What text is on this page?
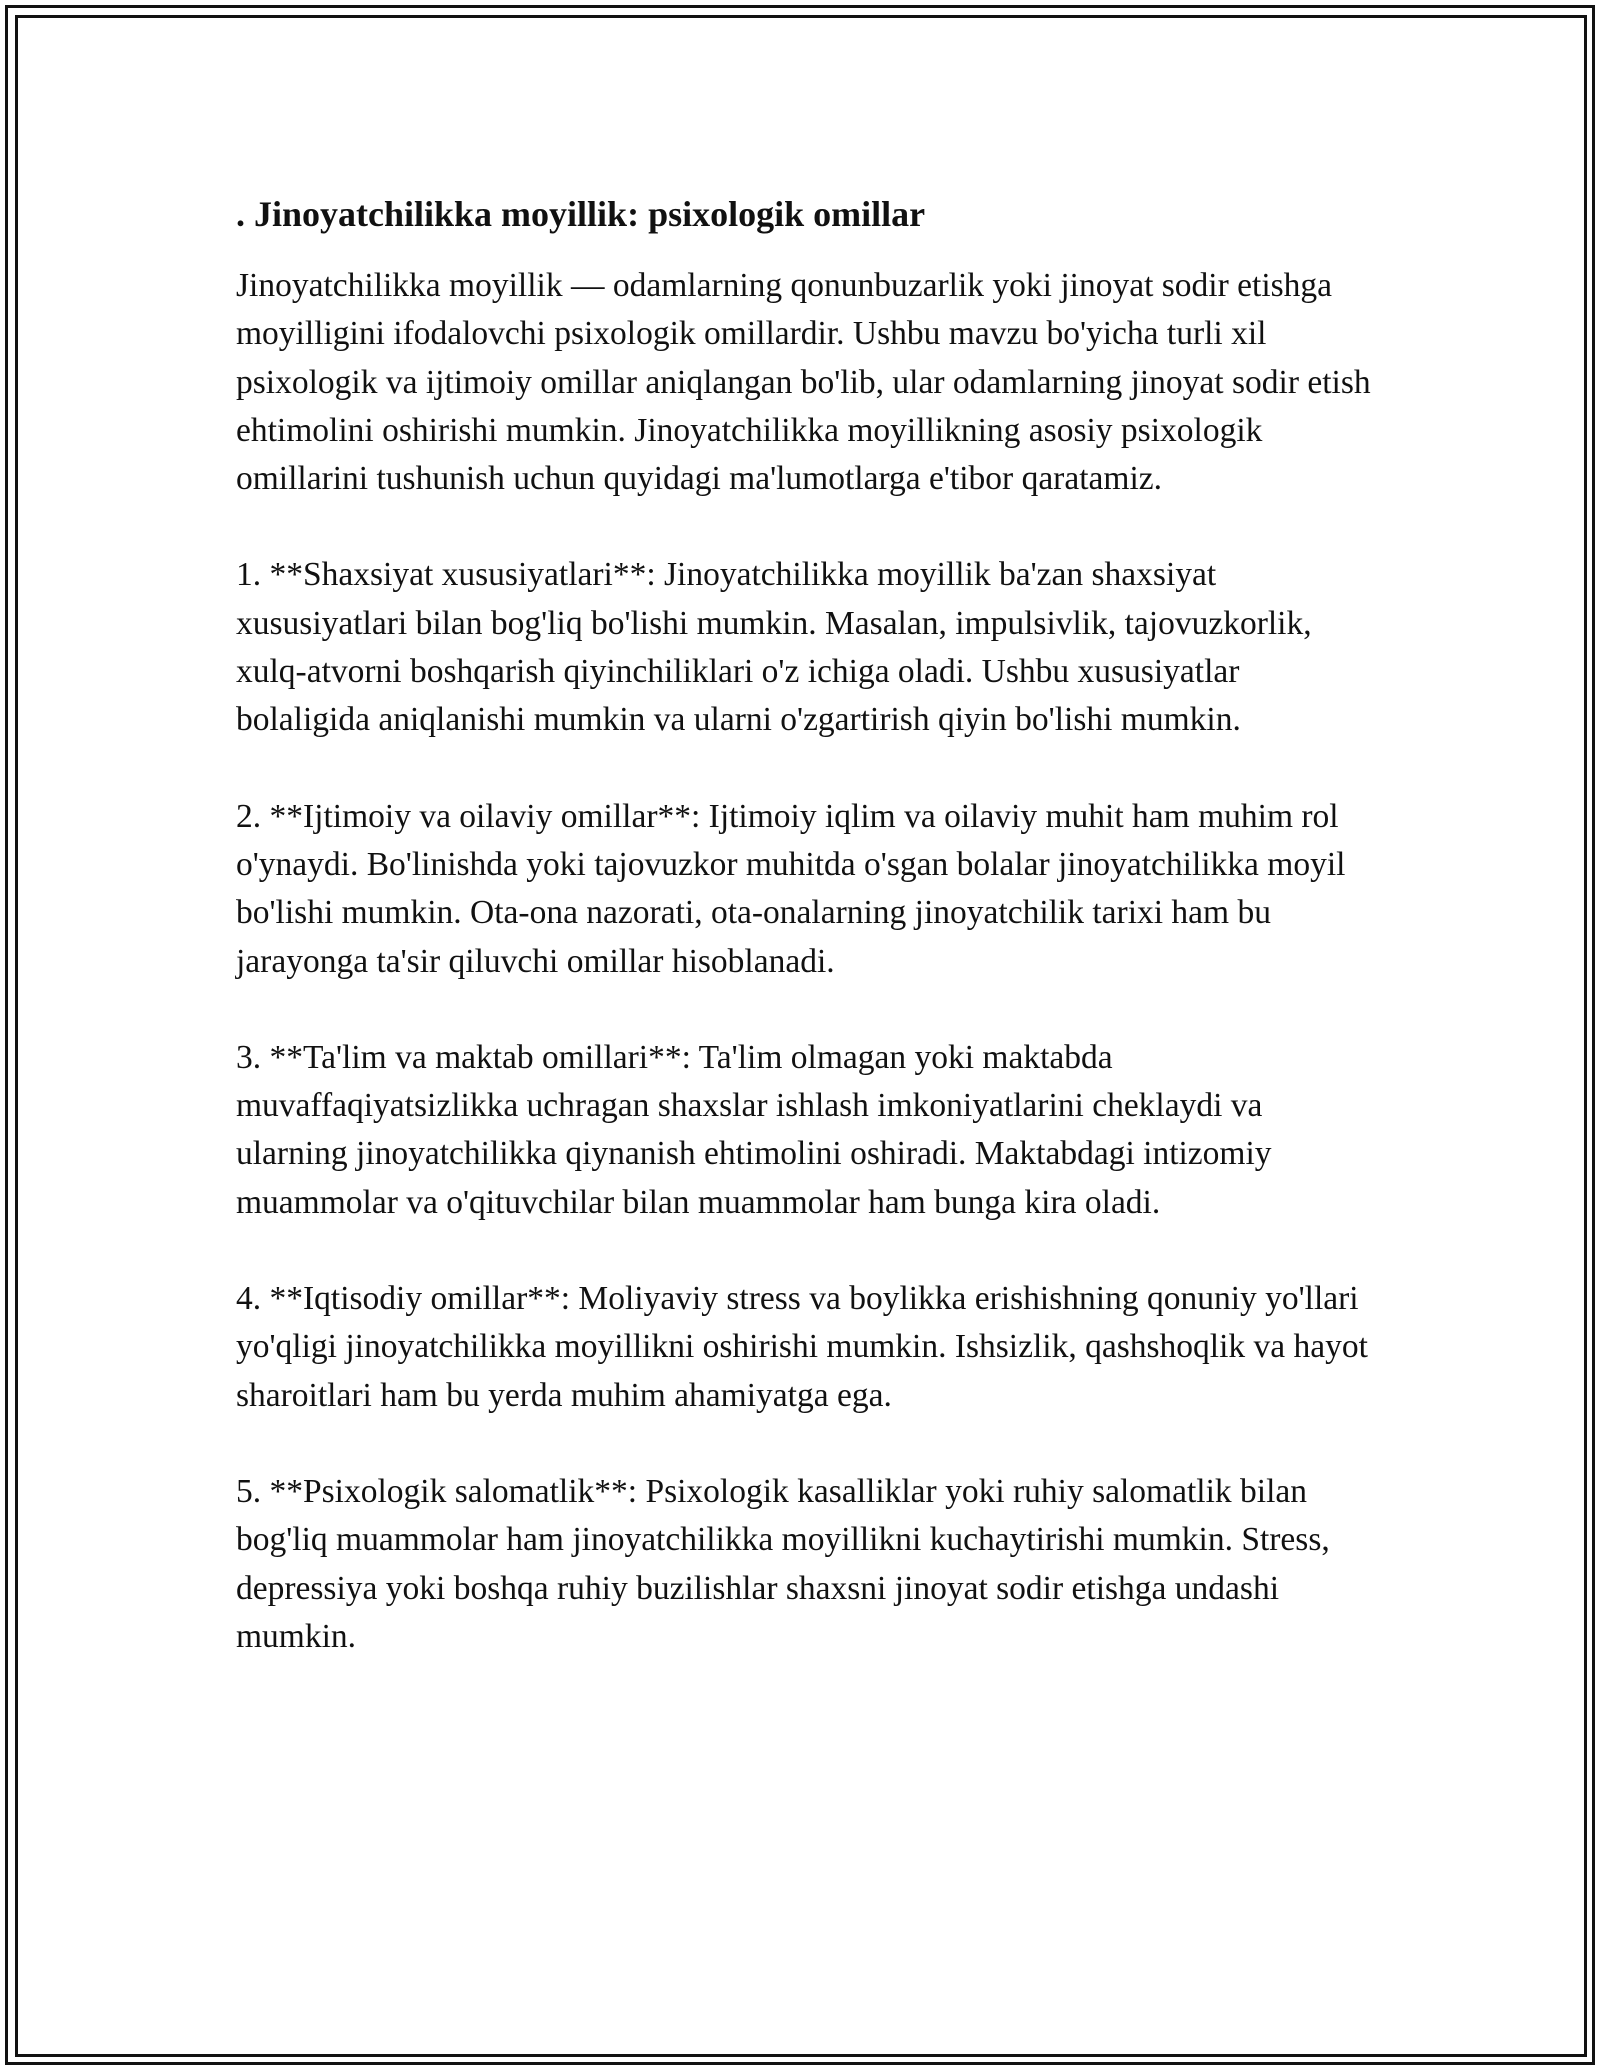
. Jinoyatchilikka moyillik: psixologik omillar

Jinoyatchilikka moyillik — odamlarning qonunbuzarlik yoki jinoyat sodir etishga moyilligini ifodalovchi psixologik omillardir. Ushbu mavzu bo'yicha turli xil psixologik va ijtimoiy omillar aniqlangan bo'lib, ular odamlarning jinoyat sodir etish ehtimolini oshirishi mumkin. Jinoyatchilikka moyillikning asosiy psixologik omillarini tushunish uchun quyidagi ma'lumotlarga e'tibor qaratamiz.

1. **Shaxsiyat xususiyatlari**: Jinoyatchilikka moyillik ba'zan shaxsiyat xususiyatlari bilan bog'liq bo'lishi mumkin. Masalan, impulsivlik, tajovuzkorlik, xulq-atvorni boshqarish qiyinchiliklari o'z ichiga oladi. Ushbu xususiyatlar bolaligida aniqlanishi mumkin va ularni o'zgartirish qiyin bo'lishi mumkin.

2. **Ijtimoiy va oilaviy omillar**: Ijtimoiy iqlim va oilaviy muhit ham muhim rol o'ynaydi. Bo'linishda yoki tajovuzkor muhitda o'sgan bolalar jinoyatchilikka moyil bo'lishi mumkin. Ota-ona nazorati, ota-onalarning jinoyatchilik tarixi ham bu jarayonga ta'sir qiluvchi omillar hisoblanadi.

3. **Ta'lim va maktab omillari**: Ta'lim olmagan yoki maktabda muvaffaqiyatsizlikka uchragan shaxslar ishlash imkoniyatlarini cheklaydi va ularning jinoyatchilikka qiynanish ehtimolini oshiradi. Maktabdagi intizomiy muammolar va o'qituvchilar bilan muammolar ham bunga kira oladi.

4. **Iqtisodiy omillar**: Moliyaviy stress va boylikka erishishning qonuniy yo'llari yo'qligi jinoyatchilikka moyillikni oshirishi mumkin. Ishsizlik, qashshoqlik va hayot sharoitlari ham bu yerda muhim ahamiyatga ega.

5. **Psixologik salomatlik**: Psixologik kasalliklar yoki ruhiy salomatlik bilan bog'liq muammolar ham jinoyatchilikka moyillikni kuchaytirishi mumkin. Stress, depressiya yoki boshqa ruhiy buzilishlar shaxsni jinoyat sodir etishga undashi mumkin.
